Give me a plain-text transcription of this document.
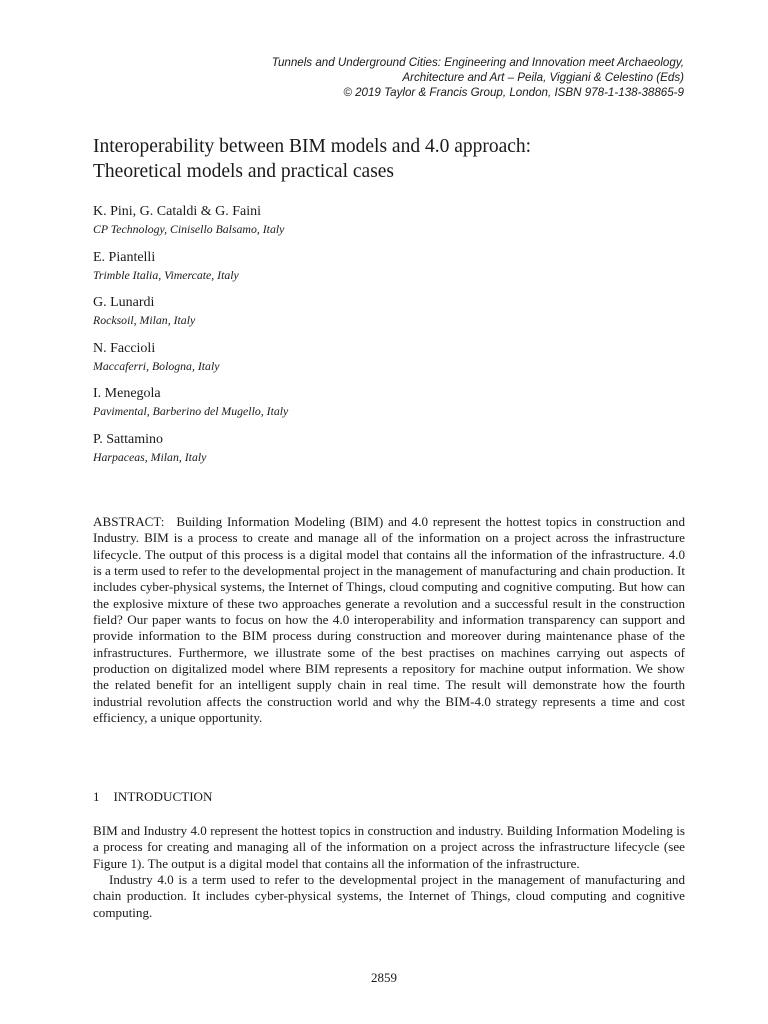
Tunnels and Underground Cities: Engineering and Innovation meet Archaeology,
Architecture and Art – Peila, Viggiani & Celestino (Eds)
© 2019 Taylor & Francis Group, London, ISBN 978-1-138-38865-9
Interoperability between BIM models and 4.0 approach:
Theoretical models and practical cases
K. Pini, G. Cataldi & G. Faini
CP Technology, Cinisello Balsamo, Italy
E. Piantelli
Trimble Italia, Vimercate, Italy
G. Lunardi
Rocksoil, Milan, Italy
N. Faccioli
Maccaferri, Bologna, Italy
I. Menegola
Pavimental, Barberino del Mugello, Italy
P. Sattamino
Harpaceas, Milan, Italy

ABSTRACT: Building Information Modeling (BIM) and 4.0 represent the hottest topics in construction and Industry. BIM is a process to create and manage all of the information on a project across the infrastructure lifecycle. The output of this process is a digital model that contains all the information of the infrastructure. 4.0 is a term used to refer to the developmental project in the management of manufacturing and chain production. It includes cyber-physical systems, the Internet of Things, cloud computing and cognitive computing. But how can the explosive mixture of these two approaches generate a revolution and a successful result in the construction field? Our paper wants to focus on how the 4.0 interoperability and information transparency can support and provide information to the BIM process during construction and moreover during maintenance phase of the infrastructures. Furthermore, we illustrate some of the best practises on machines carrying out aspects of production on digitalized model where BIM represents a repository for machine output information. We show the related benefit for an intelligent supply chain in real time. The result will demonstrate how the fourth industrial revolution affects the construction world and why the BIM-4.0 strategy represents a time and cost efficiency, a unique opportunity.

1 INTRODUCTION

BIM and Industry 4.0 represent the hottest topics in construction and industry. Building Information Modeling is a process for creating and managing all of the information on a project across the infrastructure lifecycle (see Figure 1). The output is a digital model that contains all the information of the infrastructure.

Industry 4.0 is a term used to refer to the developmental project in the management of manufacturing and chain production. It includes cyber-physical systems, the Internet of Things, cloud computing and cognitive computing.

2859
